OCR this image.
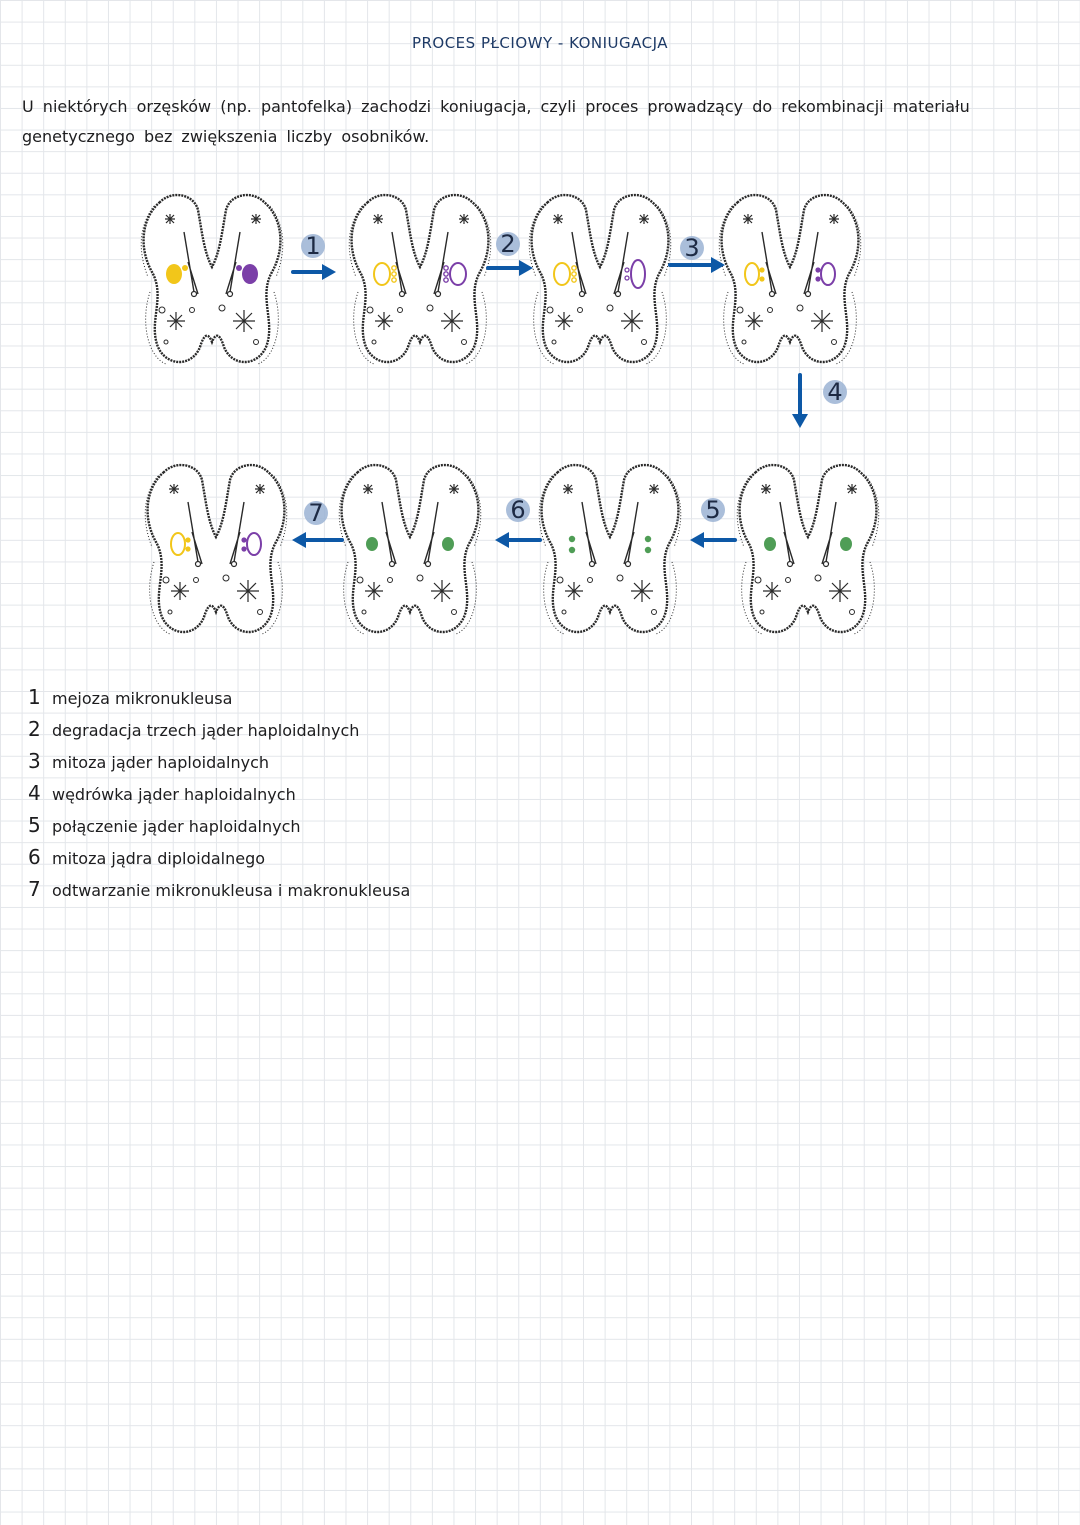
PROCES PŁCIOWY - KONIUGACJA
U niektórych orzęsków (np. pantofelka) zachodzi koniugacja, czyli proces prowadzący do rekombinacji materiału genetycznego bez zwiększenia liczby osobników.
1	2	3
4
5
6
7
1 mejoza mikronukleusa
2 degradacja trzech jąder haploidalnych
3 mitoza jąder haploidalnych
4 wędrówka jąder haploidalnych
5 połączenie jąder haploidalnych
6 mitoza jądra diploidalnego
7 odtwarzanie mikronukleusa i makronukleusa
